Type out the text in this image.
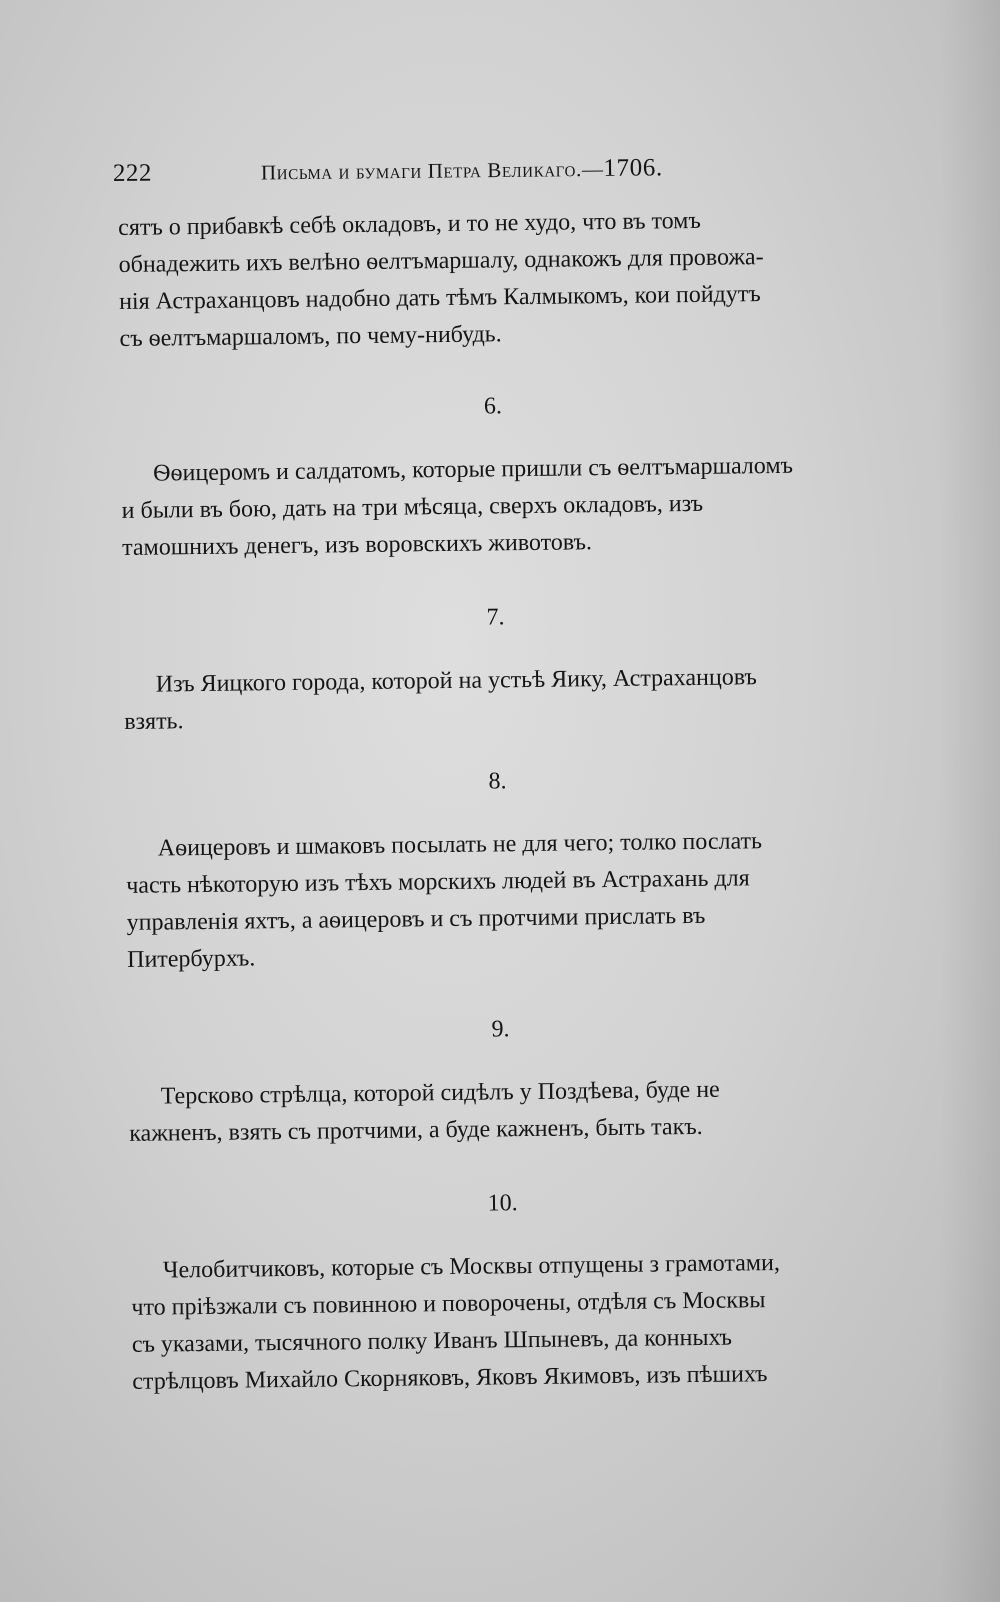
222	Письма и бумаги Петра Великаго.—1706.
сятъ о прибавкѣ себѣ окладовъ, и то не худо, что въ томъ
обнадежить ихъ велѣно ѳелтъмаршалу, однакожъ для провожа-
нія Астраханцовъ надобно дать тѣмъ Калмыкомъ, кои пойдутъ
съ ѳелтъмаршаломъ, по чему-нибудь.
6.
Ѳѳицеромъ и салдатомъ, которые пришли съ ѳелтъмаршаломъ
и были въ бою, дать на три мѣсяца, сверхъ окладовъ, изъ
тамошнихъ денегъ, изъ воровскихъ животовъ.
7.
Изъ Яицкого города, которой на устьѣ Яику, Астраханцовъ
взять.
8.
Аѳицеровъ и шмаковъ посылать не для чего; толко послать
часть нѣкоторую изъ тѣхъ морскихъ людей въ Астрахань для
управленія яхтъ, а аѳицеровъ и съ протчими прислать въ
Питербурхъ.
9.
Терсково стрѣлца, которой сидѣлъ у Поздѣева, буде не
кажненъ, взять съ протчими, а буде кажненъ, быть такъ.
10.
Челобитчиковъ, которые съ Москвы отпущены з грамотами,
что пріѣзжали съ повинною и поворочены, отдѣля съ Москвы
съ указами, тысячного полку Иванъ Шпыневъ, да конныхъ
стрѣлцовъ Михайло Скорняковъ, Яковъ Якимовъ, изъ пѣшихъ
